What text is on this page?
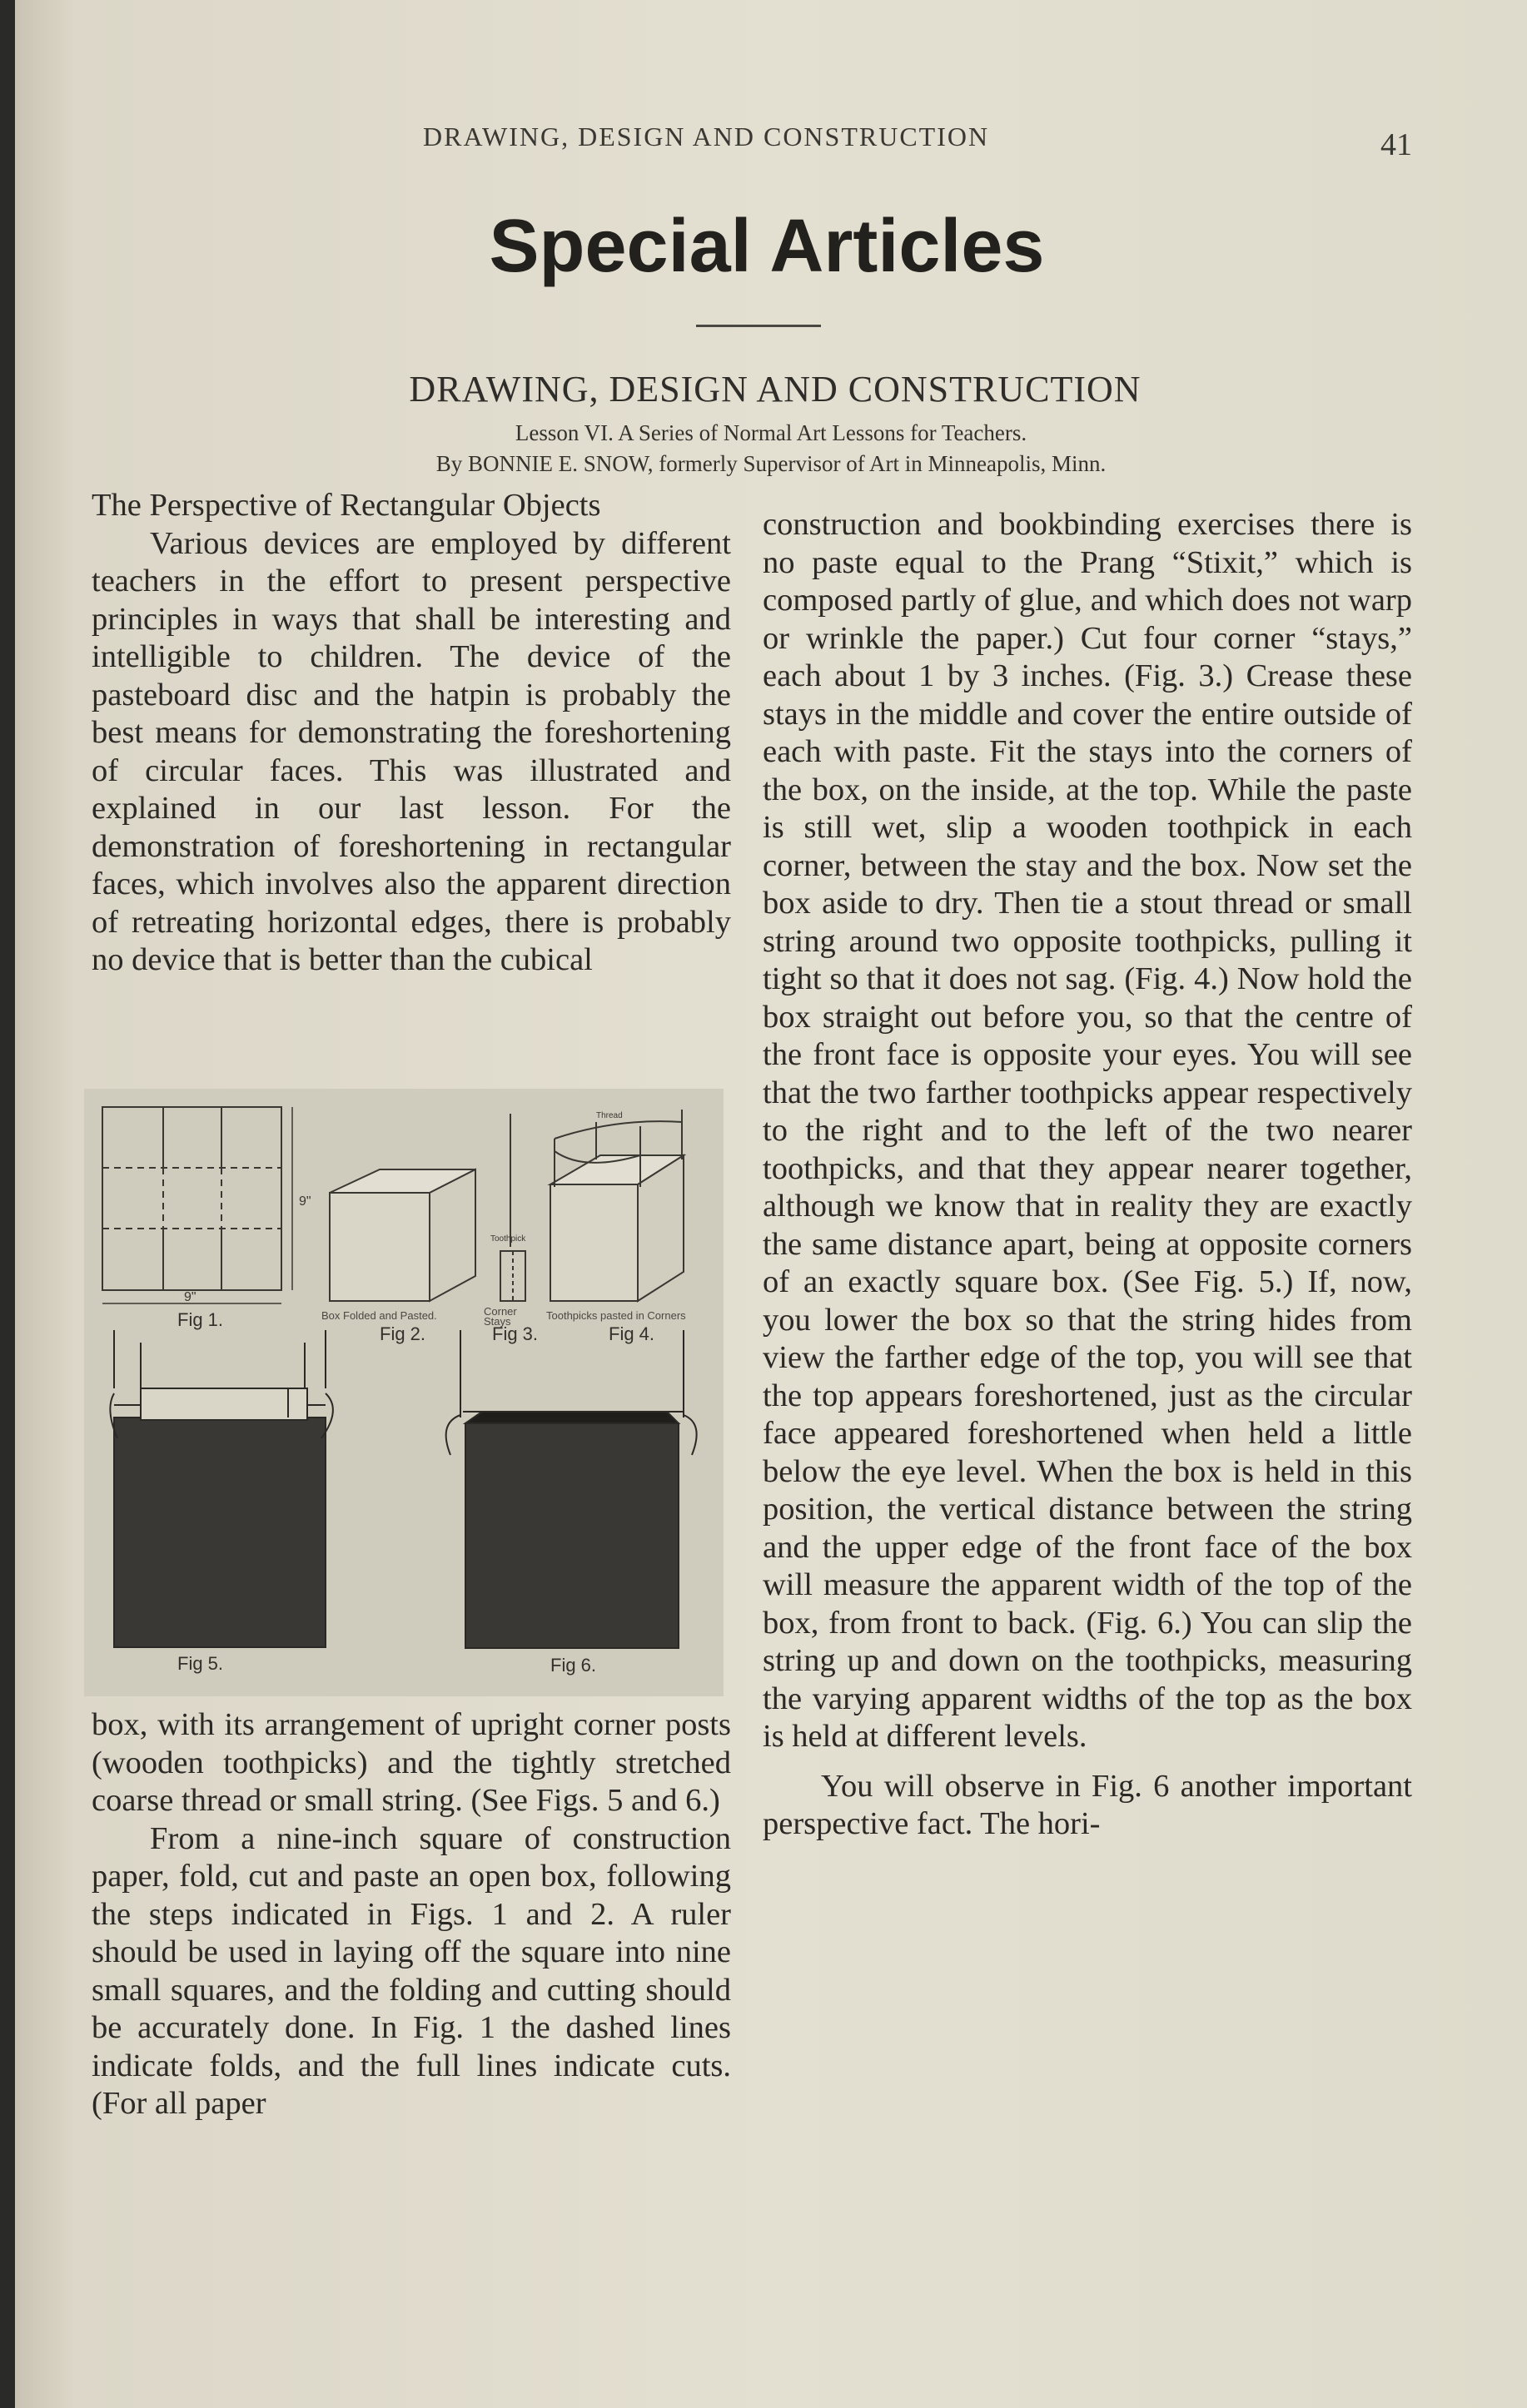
DRAWING, DESIGN AND CONSTRUCTION	41
Special Articles
DRAWING, DESIGN AND CONSTRUCTION
Lesson VI. A Series of Normal Art Lessons for Teachers.
By BONNIE E. SNOW, formerly Supervisor of Art in Minneapolis, Minn.

The Perspective of Rectangular Objects

Various devices are employed by different teachers in the effort to present perspective principles in ways that shall be interesting and intelligible to children. The device of the pasteboard disc and the hatpin is probably the best means for demonstrating the foreshortening of circular faces. This was illustrated and explained in our last lesson. For the demonstration of foreshortening in rectangular faces, which involves also the apparent direction of retreating horizontal edges, there is probably no device that is better than the cubical

9"
9"
Toothpick
Thread
Fig 1.	Box Folded and Pasted.
Fig 2.
Corner Stays
Fig 3.
Toothpicks pasted in Corners
Fig 4.
Fig 5.	Fig 6.

box, with its arrangement of upright corner posts (wooden toothpicks) and the tightly stretched coarse thread or small string. (See Figs. 5 and 6.)

From a nine-inch square of construction paper, fold, cut and paste an open box, following the steps indicated in Figs. 1 and 2. A ruler should be used in laying off the square into nine small squares, and the folding and cutting should be accurately done. In Fig. 1 the dashed lines indicate folds, and the full lines indicate cuts. (For all paper

construction and bookbinding exercises there is no paste equal to the Prang “Stixit,” which is composed partly of glue, and which does not warp or wrinkle the paper.) Cut four corner “stays,” each about 1 by 3 inches. (Fig. 3.) Crease these stays in the middle and cover the entire outside of each with paste. Fit the stays into the corners of the box, on the inside, at the top. While the paste is still wet, slip a wooden toothpick in each corner, between the stay and the box. Now set the box aside to dry. Then tie a stout thread or small string around two opposite toothpicks, pulling it tight so that it does not sag. (Fig. 4.) Now hold the box straight out before you, so that the centre of the front face is opposite your eyes. You will see that the two farther toothpicks appear respectively to the right and to the left of the two nearer toothpicks, and that they appear nearer together, although we know that in reality they are exactly the same distance apart, being at opposite corners of an exactly square box. (See Fig. 5.) If, now, you lower the box so that the string hides from view the farther edge of the top, you will see that the top appears foreshortened, just as the circular face appeared foreshortened when held a little below the eye level. When the box is held in this position, the vertical distance between the string and the upper edge of the front face of the box will measure the apparent width of the top of the box, from front to back. (Fig. 6.) You can slip the string up and down on the toothpicks, measuring the varying apparent widths of the top as the box is held at different levels.

You will observe in Fig. 6 another important perspective fact. The hori-
